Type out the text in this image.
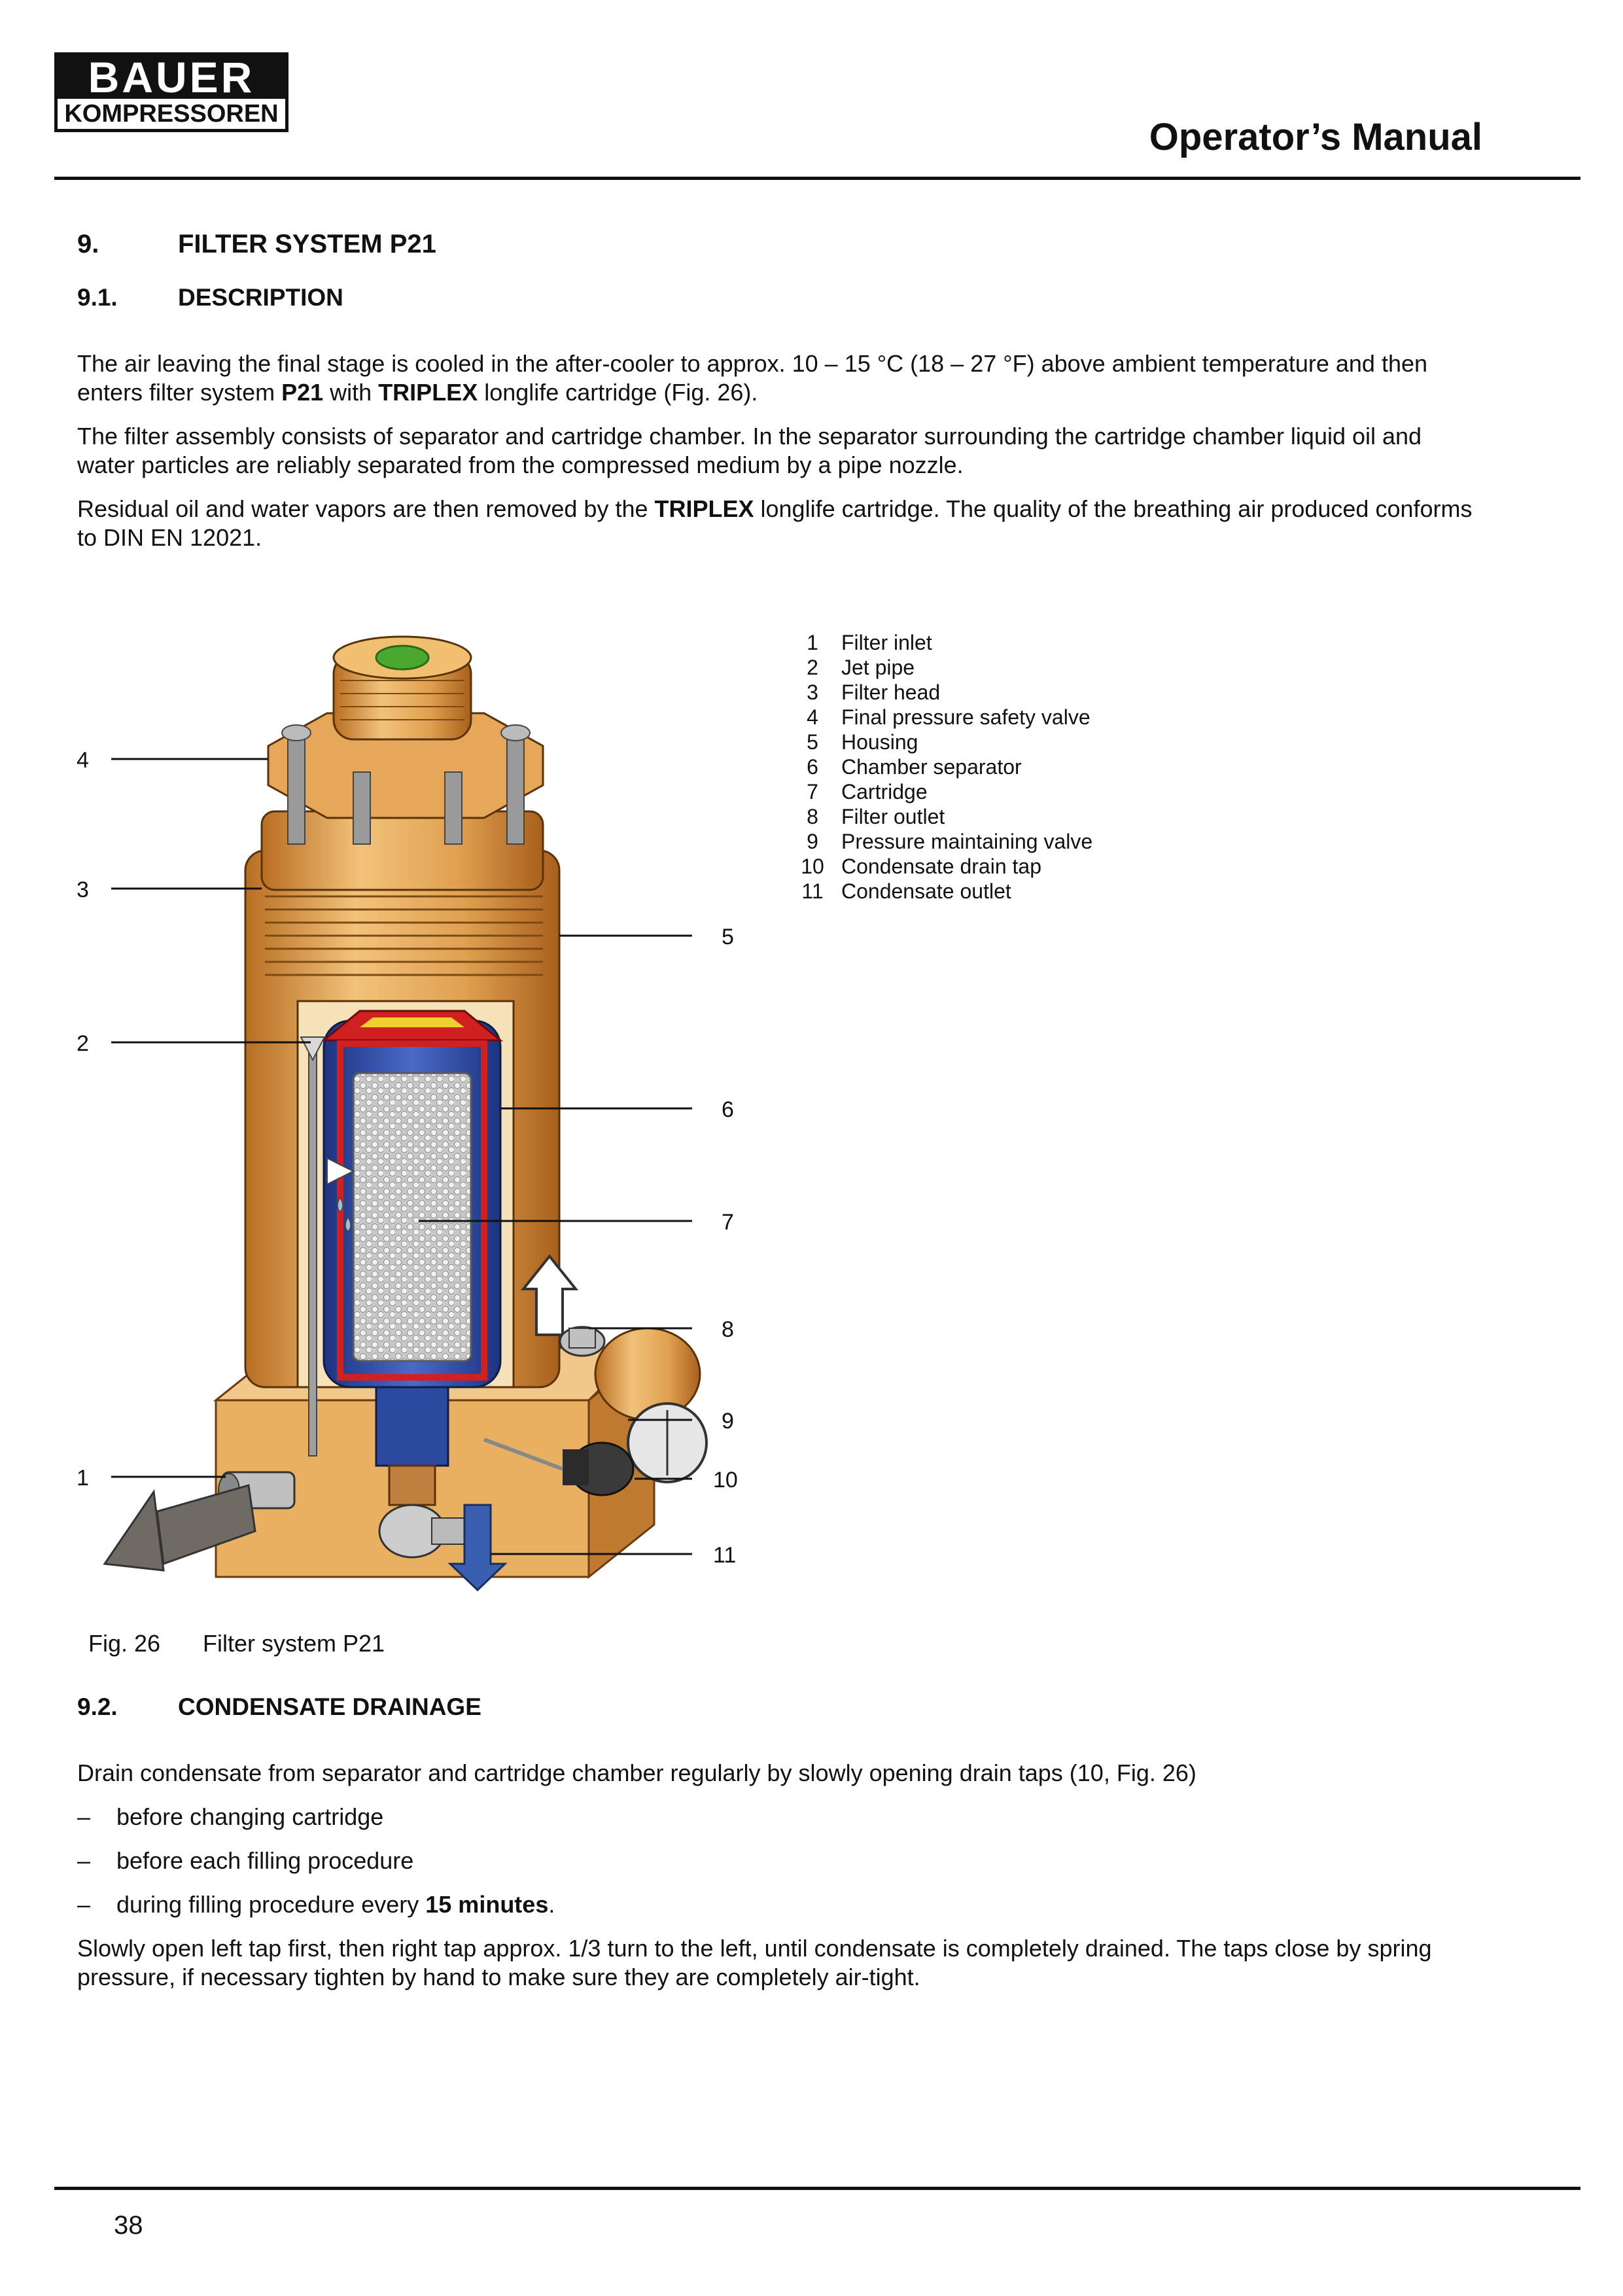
BAUER
KOMPRESSOREN
Operator’s Manual
9.	FILTER SYSTEM P21
9.1. DESCRIPTION
The air leaving the final stage is cooled in the after‑cooler to approx. 10 – 15 °C (18 – 27 °F) above ambient temperature and then enters filter system P21 with TRIPLEX longlife cartridge (Fig. 26).
The filter assembly consists of separator and cartridge chamber. In the separator surrounding the cartridge chamber liquid oil and water particles are reliably separated from the compressed medium by a pipe nozzle.
Residual oil and water vapors are then removed by the TRIPLEX longlife cartridge. The quality of the breathing air produced conforms to DIN EN 12021.
1	Filter inlet
2	Jet pipe
3	Filter head
4	Final pressure safety valve
5	Housing
6	Chamber separator
7	Cartridge
8	Filter outlet
9	Pressure maintaining valve
10 Condensate drain tap
11 Condensate outlet
4
3
2
1
5
6
7
8
9
10
11
Fig. 26 Filter system P21
9.2. CONDENSATE DRAINAGE
Drain condensate from separator and cartridge chamber regularly by slowly opening drain taps (10, Fig. 26)
– before changing cartridge
– before each filling procedure
– during filling procedure every 15 minutes.
Slowly open left tap first, then right tap approx. 1/3 turn to the left, until condensate is completely drained. The taps close by spring pressure, if necessary tighten by hand to make sure they are completely air‑tight.
38
